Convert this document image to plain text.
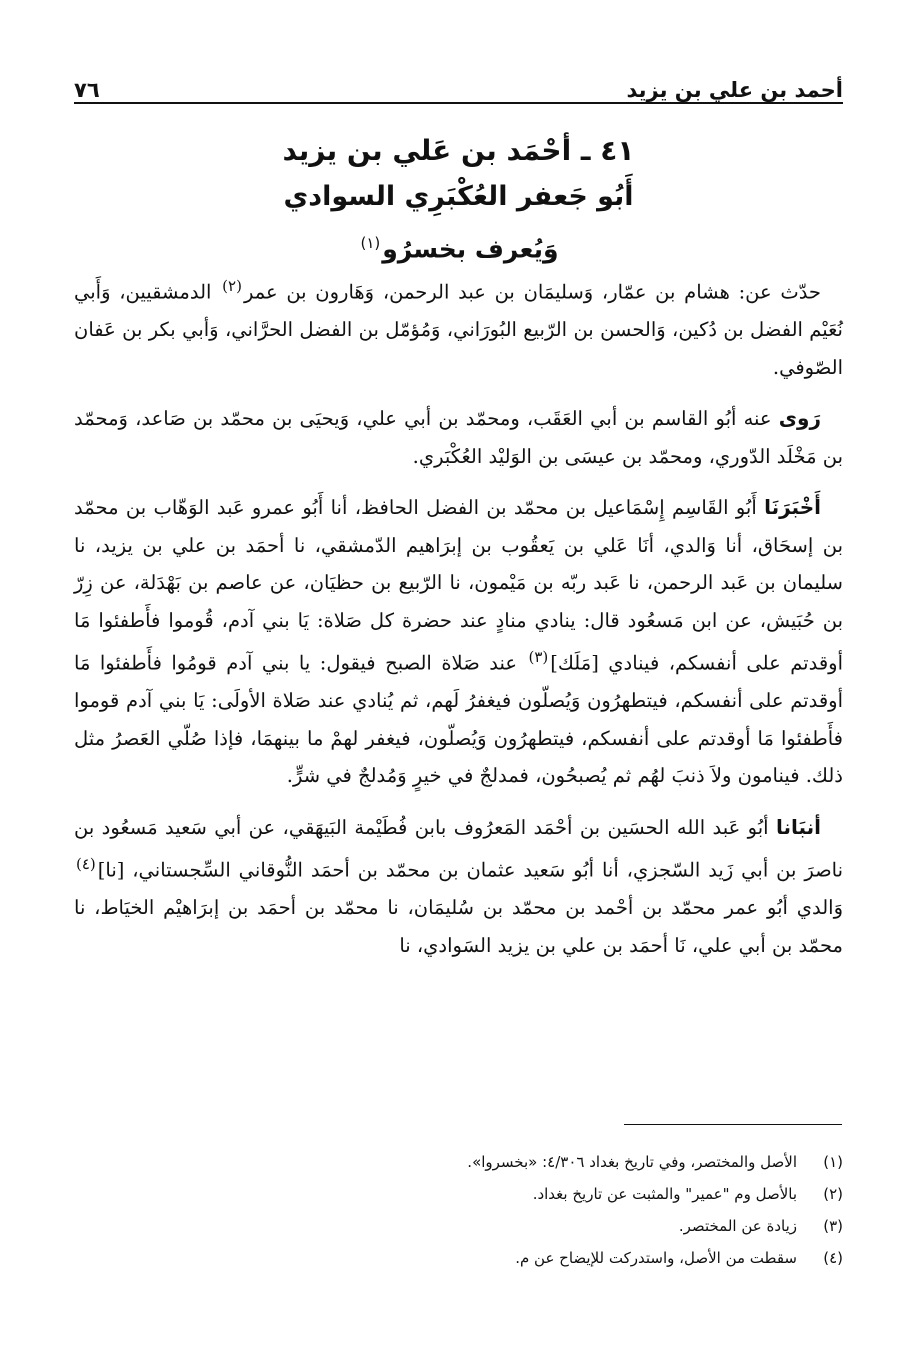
أحمد بن علي بن يزيد
٧٦
٤١ ـ أحْمَد بن عَلي بن يزيد
أَبُو جَعفر العُكْبَرِي السوادي
وَيُعرف بخسرُو$^{(١)}$

حدّث عن: هشام بن عمّار، وَسليمَان بن عبد الرحمن، وَهَارون بن عمر$^{(٢)}$ الدمشقيين، وَأَبي نُعَيْم الفضل بن دُكين، وَالحسن بن الرّبيع البُورَاني، وَمُؤمّل بن الفضل الحرَّاني، وَأبي بكر بن عَفان الصّوفي.

رَوى عنه أبُو القاسم بن أبي العَقَب، ومحمّد بن أبي علي، وَيحيَى بن محمّد بن صَاعد، وَمحمّد بن مَخْلَد الدّوري، ومحمّد بن عيسَى بن الوَليْد العُكْبَري.

أَخْبَرَنَا أَبُو القَاسِم إِسْمَاعيل بن محمّد بن الفضل الحافظ، أنا أَبُو عمرو عَبد الوَهّاب بن محمّد بن إسحَاق، أنا وَالدي، أنَا عَلي بن يَعقُوب بن إبرَاهيم الدّمشقي، نا أحمَد بن علي بن يزيد، نا سليمان بن عَبد الرحمن، نا عَبد ربّه بن مَيْمون، نا الرّبيع بن حظيَان، عن عاصم بن بَهْدَلة، عن زِرّ بن حُبَيش، عن ابن مَسعُود قال: ينادي منادٍ عند حضرة كل صَلاة: يَا بني آدم، قُوموا فأَطفئوا مَا أوقدتم على أنفسكم، فينادي [مَلَك]$^{(٣)}$ عند صَلاة الصبح فيقول: يا بني آدم قومُوا فأَطفئوا مَا أوقدتم على أنفسكم، فيتطهرُون وَيُصلّون فيغفرُ لَهم، ثم يُنادي عند صَلاة الأولَى: يَا بني آدم قوموا فأَطفئوا مَا أوقدتم على أنفسكم، فيتطهرُون وَيُصلّون، فيغفر لهمْ ما بينهمَا، فإذا صُلّي العَصرُ مثل ذلك. فينامون ولاَ ذنبَ لهُم ثم يُصبحُون، فمدلجٌ في خيرٍ وَمُدلجٌ في شرٍّ.

أنبَانا أبُو عَبد الله الحسَين بن أحْمَد المَعرُوف بابن فُطَيْمة البَيهَقي، عن أبي سَعيد مَسعُود بن ناصرَ بن أبي زَيد السّجزي، أنا أبُو سَعيد عثمان بن محمّد بن أحمَد النُّوقاني السِّجستاني، [نا]$^{(٤)}$ وَالدي أبُو عمر محمّد بن أحْمد بن محمّد بن سُليمَان، نا محمّد بن أحمَد بن إبرَاهيْم الخيَاط، نا محمّد بن أبي علي، نَا أحمَد بن علي بن يزيد السَوادي، نا

(١)
الأصل والمختصر، وفي تاريخ بغداد ٤/٣٠٦: «بخسروا».
(٢)
بالأصل وم "عمير" والمثبت عن تاريخ بغداد.
(٣)
زيادة عن المختصر.
(٤)
سقطت من الأصل، واستدركت للإيضاح عن م.
